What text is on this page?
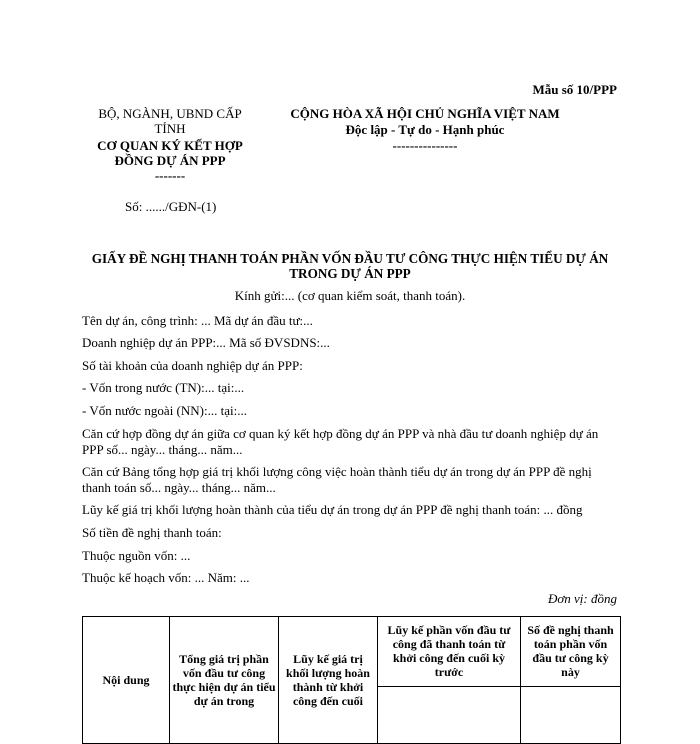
Mẫu số 10/PPP
BỘ, NGÀNH, UBND CẤP TỈNH
CƠ QUAN KÝ KẾT HỢP ĐỒNG DỰ ÁN PPP
-------
CỘNG HÒA XÃ HỘI CHỦ NGHĨA VIỆT NAM
Độc lập - Tự do - Hạnh phúc
---------------
Số: ....../GĐN-(1)
GIẤY ĐỀ NGHỊ THANH TOÁN PHẦN VỐN ĐẦU TƯ CÔNG THỰC HIỆN TIỂU DỰ ÁN TRONG DỰ ÁN PPP
Kính gửi:... (cơ quan kiểm soát, thanh toán).
Tên dự án, công trình: ... Mã dự án đầu tư:...
Doanh nghiệp dự án PPP:... Mã số ĐVSDNS:...
Số tài khoản của doanh nghiệp dự án PPP:
- Vốn trong nước (TN):... tại:...
- Vốn nước ngoài (NN):... tại:...
Căn cứ hợp đồng dự án giữa cơ quan ký kết hợp đồng dự án PPP và nhà đầu tư doanh nghiệp dự án PPP số... ngày... tháng... năm...
Căn cứ Bảng tổng hợp giá trị khối lượng công việc hoàn thành tiểu dự án trong dự án PPP đề nghị thanh toán số... ngày... tháng... năm...
Lũy kế giá trị khối lượng hoàn thành của tiểu dự án trong dự án PPP đề nghị thanh toán: ... đồng
Số tiền đề nghị thanh toán:
Thuộc nguồn vốn: ...
Thuộc kế hoạch vốn: ... Năm: ...
Đơn vị: đồng
Nội dung	Tổng giá trị phần vốn đầu tư công thực hiện dự án tiểu dự án trong	Lũy kế giá trị khối lượng hoàn thành từ khởi công đến cuối	Lũy kế phần vốn đầu tư công đã thanh toán từ khởi công đến cuối kỳ trước	Số đề nghị thanh toán phần vốn đầu tư công kỳ này
